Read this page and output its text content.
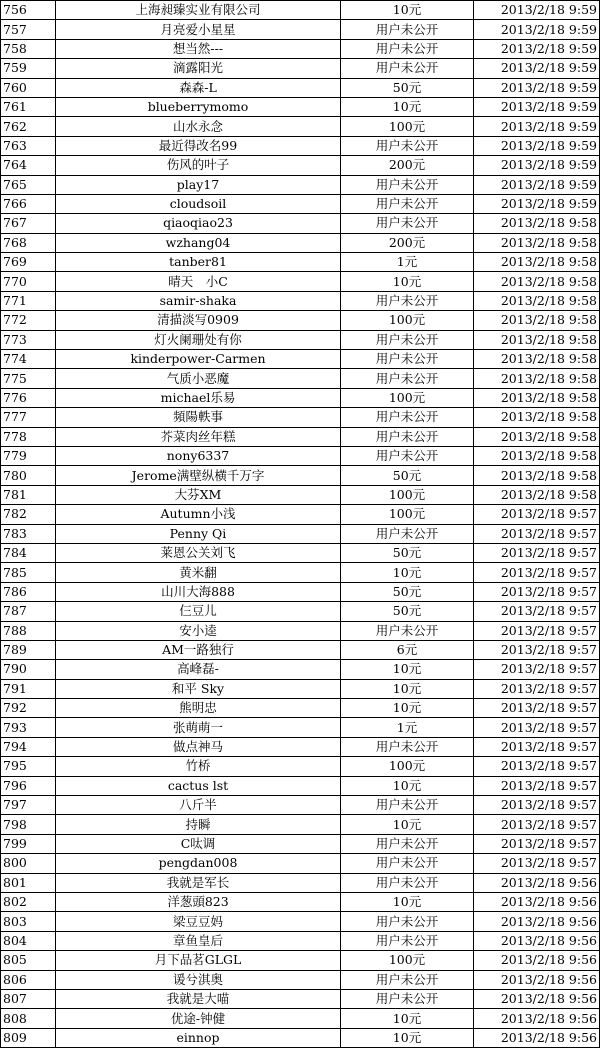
756	上海昶臻实业有限公司	10元	2013/2/18 9:59
757	月亮爱小星星	用户未公开	2013/2/18 9:59
758	想当然---	用户未公开	2013/2/18 9:59
759	滴露阳光	用户未公开	2013/2/18 9:59
760	森森-L	50元	2013/2/18 9:59
761	blueberrymomo	10元	2013/2/18 9:59
762	山水永念	100元	2013/2/18 9:59
763	最近得改名99	用户未公开	2013/2/18 9:59
764	伤风的叶子	200元	2013/2/18 9:59
765	play17	用户未公开	2013/2/18 9:59
766	cloudsoil	用户未公开	2013/2/18 9:59
767	qiaoqiao23	用户未公开	2013/2/18 9:58
768	wzhang04	200元	2013/2/18 9:58
769	tanber81	1元	2013/2/18 9:58
770	晴天　小C	10元	2013/2/18 9:58
771	samir-shaka	用户未公开	2013/2/18 9:58
772	清描淡写0909	100元	2013/2/18 9:58
773	灯火阑珊处有你	用户未公开	2013/2/18 9:58
774	kinderpower-Carmen	用户未公开	2013/2/18 9:58
775	气质小恶魔	用户未公开	2013/2/18 9:58
776	michael乐易	100元	2013/2/18 9:58
777	頻陽軼事	用户未公开	2013/2/18 9:58
778	芥菜肉丝年糕	用户未公开	2013/2/18 9:58
779	nony6337	用户未公开	2013/2/18 9:58
780	Jerome满壁纵横千万字	50元	2013/2/18 9:58
781	大芬XM	100元	2013/2/18 9:58
782	Autumn小浅	100元	2013/2/18 9:57
783	Penny Qi	用户未公开	2013/2/18 9:57
784	莱恩公关刘飞	50元	2013/2/18 9:57
785	黄米翻	10元	2013/2/18 9:57
786	山川大海888	50元	2013/2/18 9:57
787	仨豆儿	50元	2013/2/18 9:57
788	安小逵	用户未公开	2013/2/18 9:57
789	AM一路独行	6元	2013/2/18 9:57
790	高峰磊-	10元	2013/2/18 9:57
791	和平 Sky	10元	2013/2/18 9:57
792	熊明忠	10元	2013/2/18 9:57
793	张萌萌一	1元	2013/2/18 9:57
794	做点神马	用户未公开	2013/2/18 9:57
795	竹桥	100元	2013/2/18 9:57
796	cactus lst	10元	2013/2/18 9:57
797	八斤半	用户未公开	2013/2/18 9:57
798	持瞬	10元	2013/2/18 9:57
799	C呔调	用户未公开	2013/2/18 9:57
800	pengdan008	用户未公开	2013/2/18 9:57
801	我就是军长	用户未公开	2013/2/18 9:56
802	洋葱頭823	10元	2013/2/18 9:56
803	梁豆豆妈	用户未公开	2013/2/18 9:56
804	章鱼皇后	用户未公开	2013/2/18 9:56
805	月下品茗GLGL	100元	2013/2/18 9:56
806	谖兮淇奥	用户未公开	2013/2/18 9:56
807	我就是大喵	用户未公开	2013/2/18 9:56
808	优途-钟健	10元	2013/2/18 9:56
809	einnop	10元	2013/2/18 9:56
